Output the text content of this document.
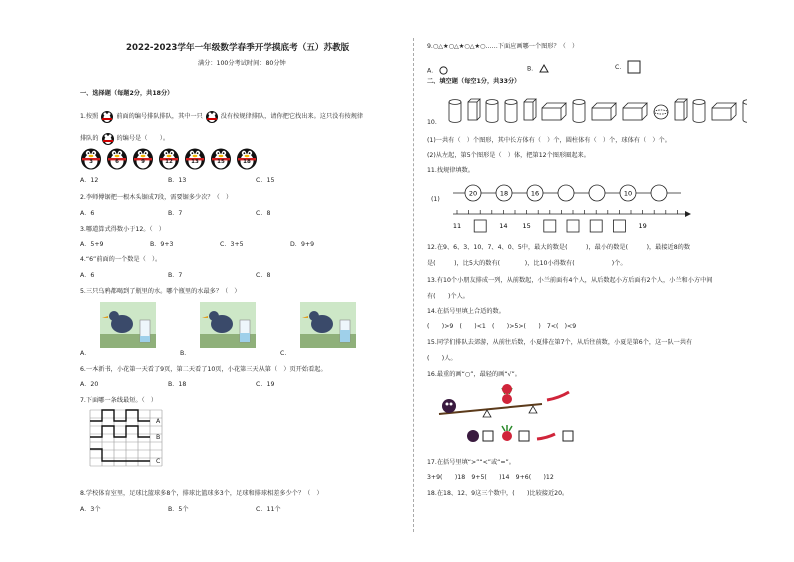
2022-2023学年一年级数学春季开学摸底考（五）苏教版
满分：100分考试时间：80分钟
一、选择题（每题2分，共18分）
1.按照	前面的编号排队排队，其中一只	没有按规律排队，请你把它找出来。这只没有按规律
排队的	的编号是（　　）。
3	6	9	12	13	15	18
A．12	B．13	C．15
2.李师傅锯把一根木头锯成7段，需要锯多少次？（　）
A．6	B．7	C．8
3.哪道算式得数小于12。（　）
A．5+9	B．9+3	C．3+5	D．9+9
4.“6”前面的一个数是（　）。
A．6	B．7	C．8
5.三只乌鸦都喝到了瓶里的水。哪个瓶里的水最多？（　）
A．	B．	C．
6.一本新书，小花第一天看了9页，第二天看了10页，小花第三天从第（　）页开始看起。
A．20	B．18	C．19
7.下面哪一条线最短。（　）
A
B
C
8.学校体育室里，足球比篮球多8个，排球比篮球多3个，足球和排球相差多少个？（　）
A．3个	B．5个	C．11个
9.○△★○△★○△★○……下面应画哪一个图形？（　）
A．	B．	C．
二、填空题（每空1分，共33分）
10.
(1)一共有（　）个图形，其中长方体有（　）个，圆柱体有（　）个，球体有（　）个。
(2)从左起，第5个图形是（　）体，把第12个图形圈起来。
11.找规律填数。
(1)
20	18	16	10
11	14 15	19
12.在9、6、3、10、7、4、0、5中，最大的数是(　　　)，最小的数是(　　　)，最接近8的数
是(　　　)，比5大的数有(　　　　)，比10小得数有(　　　　　　)个。
13.有10个小朋友排成一列，从前数起，小兰前面有4个人，从后数起小方后面有2个人，小兰和小方中间
有(　　)个人。
14.在括号里填上合适的数。
(　　)>9　(　　)<1　(　　)>5>(　　)　7<(　)<9
15.同学们排队去郊游，从前往后数，小夏排在第7个，从后往前数，小夏是第6个，这一队一共有
(　　)人。
16.最重的画“○”，最轻的画“√”。
17.在括号里填“>”“<”或“=”。
3+9(　　)18　9+5(　　)14　9+6(　　)12
18.在18、12、9这三个数中，(　　)比较接近20。
